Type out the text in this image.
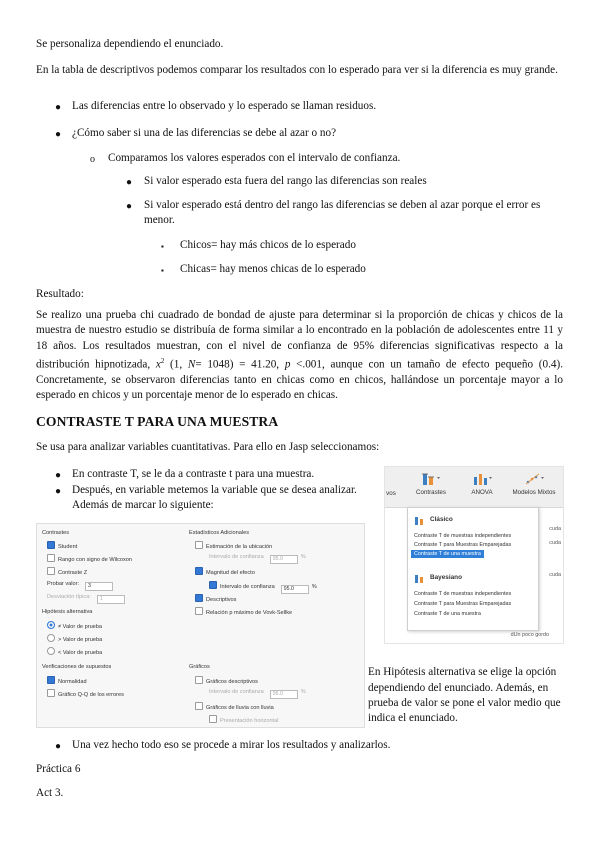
Se personaliza dependiendo el enunciado.

En la tabla de descriptivos podemos comparar los resultados con lo esperado para ver si la diferencia es muy grande.

● Las diferencias entre lo observado y lo esperado se llaman residuos.

● ¿Cómo saber si una de las diferencias se debe al azar o no?

o Comparamos los valores esperados con el intervalo de confianza.

● Si valor esperado esta fuera del rango las diferencias son reales

● Si valor esperado está dentro del rango las diferencias se deben al azar porque el error es menor.

▪ Chicos= hay más chicos de lo esperado

▪ Chicas= hay menos chicas de lo esperado

Resultado:

Se realizo una prueba chi cuadrado de bondad de ajuste para determinar si la proporción de chicas y chicos de la muestra de nuestro estudio se distribuía de forma similar a lo encontrado en la población de adolescentes entre 11 y 18 años. Los resultados muestran, con el nivel de confianza de 95% diferencias significativas respecto a la distribución hipnotizada, $x^2$ (1, N= 1048) = 41.20, p <.001, aunque con un tamaño de efecto pequeño (0.4). Concretamente, se observaron diferencias tanto en chicas como en chicos, hallándose un porcentaje mayor a lo esperado en chicos y un porcentaje menor de lo esperado en chicas.

CONTRASTE T PARA UNA MUESTRA

Se usa para analizar variables cuantitativas. Para ello en Jasp seleccionamos:

● En contraste T, se le da a contraste t para una muestra.

● Después, en variable metemos la variable que se desea analizar. Además de marcar lo siguiente:

● Una vez hecho todo eso se procede a mirar los resultados y analizarlos.

Práctica 6

Act 3.

Contrastes
Student
Rango con signo de Wilcoxon
Contraste Z
Probar valor: 3
Desviación típica: 1
Hipótesis alternativa
≠ Valor de prueba
> Valor de prueba
< Valor de prueba
Verificaciones de supuestos
Normalidad
Gráfico Q-Q de los errores
Estadísticos Adicionales
Estimación de la ubicación
Intervalo de confianza 95.0	%
Magnitud del efecto
Intervalo de confianza 95.0	%
Descriptivos
Relación p máximo de Vovk-Sellke
Gráficos
Gráficos descriptivos
Intervalo de confianza 95.0	%
Gráficos de lluvia con lluvia
Presentación horizontal
vos	Contrastes	ANOVA	Modelos Mixtos
Clásico
Contraste T de muestras independientes
Contraste T para Muestras Emparejadas
Contraste T de una muestra
Bayesiano
Contraste T de muestras independientes
Contraste T para Muestras Emparejadas
Contraste T de una muestra
cuda
cuda
cuda
dUn poco gordo

En Hipótesis alternativa se elige la opción dependiendo del enunciado. Además, en prueba de valor se pone el valor medio que indica el enunciado.
